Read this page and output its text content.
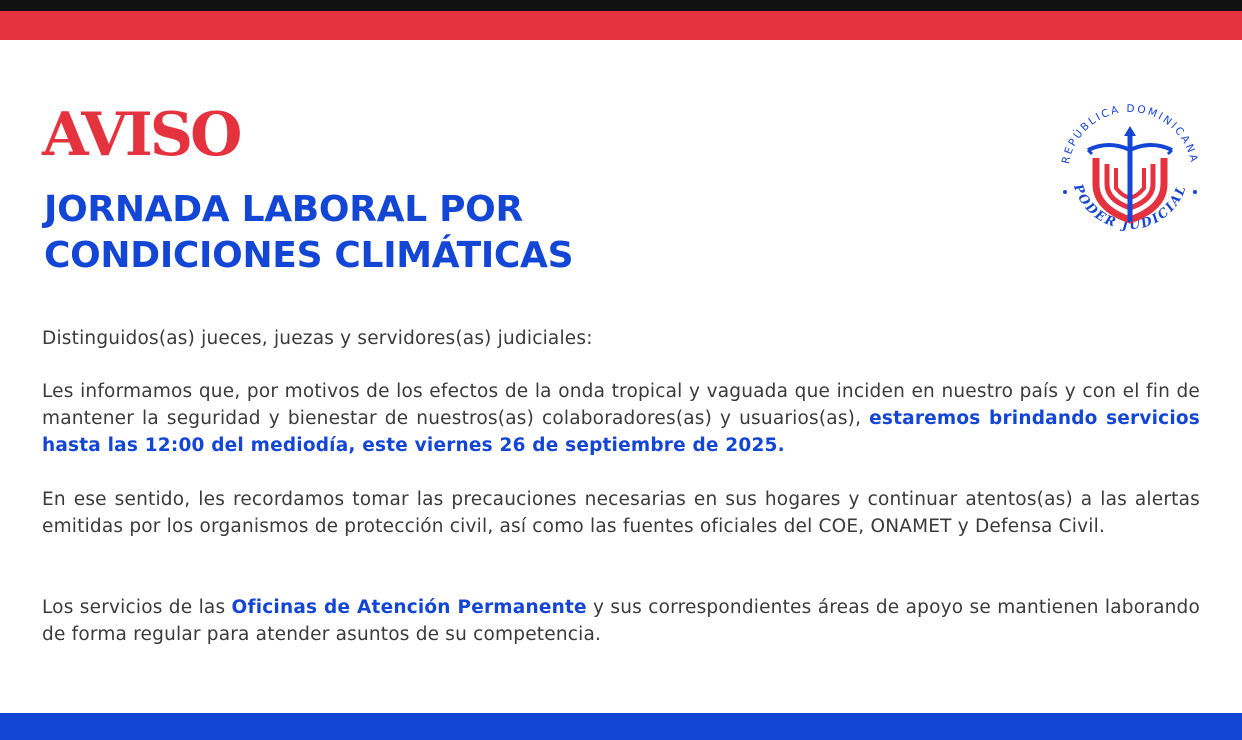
AVISO
JORNADA LABORAL POR
CONDICIONES CLIMÁTICAS
REPÚBLICA DOMINICANA
PODER JUDICIAL

Distinguidos(as) jueces, juezas y servidores(as) judiciales:

Les informamos que, por motivos de los efectos de la onda tropical y vaguada que inciden en nuestro país y con el fin de mantener la seguridad y bienestar de nuestros(as) colaboradores(as) y usuarios(as), estaremos brindando servicios hasta las 12:00 del mediodía, este viernes 26 de septiembre de 2025.

En ese sentido, les recordamos tomar las precauciones necesarias en sus hogares y continuar atentos(as) a las alertas emitidas por los organismos de protección civil, así como las fuentes oficiales del COE, ONAMET y Defensa Civil.

Los servicios de las Oficinas de Atención Permanente y sus correspondientes áreas de apoyo se mantienen laborando de forma regular para atender asuntos de su competencia.
